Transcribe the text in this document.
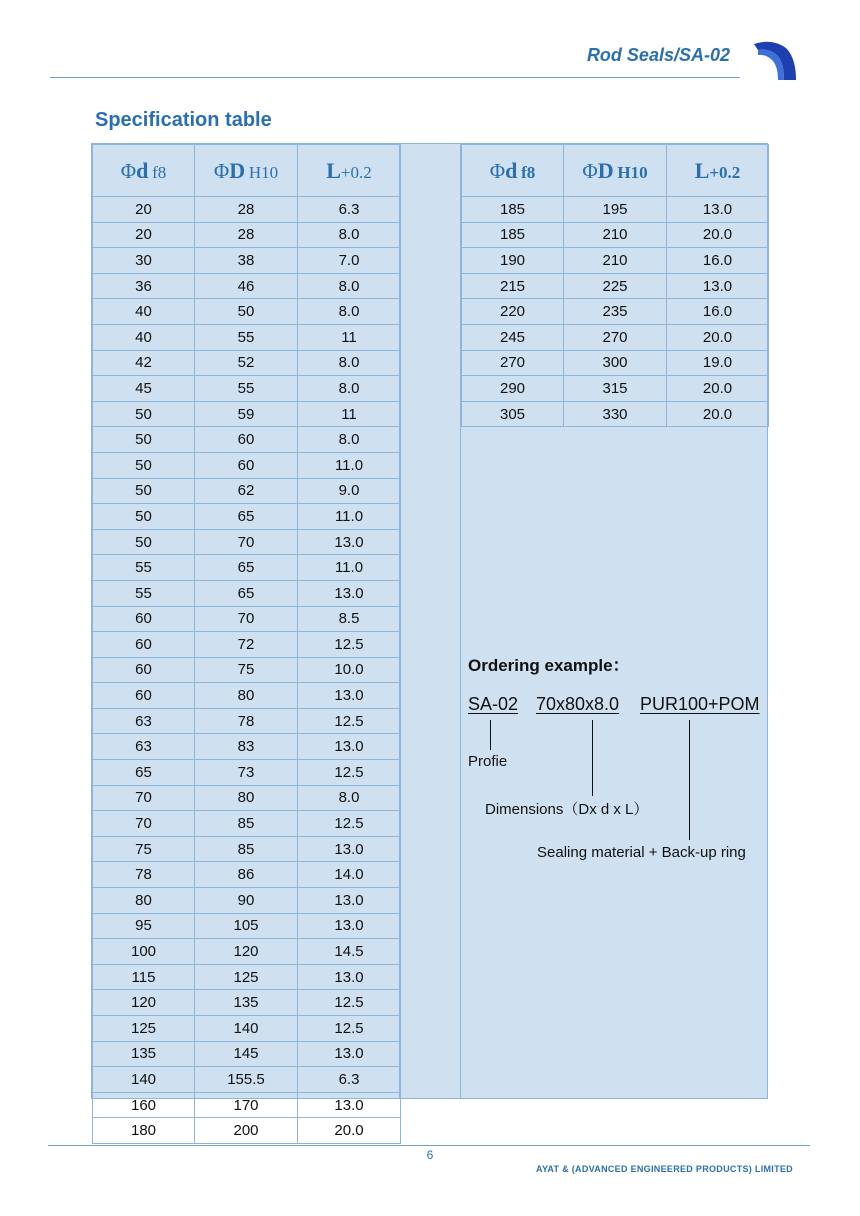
Rod Seals/SA-02
Specification table
Φd f8	ΦD H10	L+0.2
20	28	6.3
20	28	8.0
30	38	7.0
36	46	8.0
40	50	8.0
40	55	11
42	52	8.0
45	55	8.0
50	59	11
50	60	8.0
50	60	11.0
50	62	9.0
50	65	11.0
50	70	13.0
55	65	11.0
55	65	13.0
60	70	8.5
60	72	12.5
60	75	10.0
60	80	13.0
63	78	12.5
63	83	13.0
65	73	12.5
70	80	8.0
70	85	12.5
75	85	13.0
78	86	14.0
80	90	13.0
95	105	13.0
100	120	14.5
115	125	13.0
120	135	12.5
125	140	12.5
135	145	13.0
140	155.5	6.3
160	170	13.0
180	200	20.0
Φd f8	ΦD H10	L+0.2
185	195	13.0
185	210	20.0
190	210	16.0
215	225	13.0
220	235	16.0
245	270	20.0
270	300	19.0
290	315	20.0
305	330	20.0
Ordering example：
SA-02 70x80x8.0 PUR100+POM
Profie
Dimensions（Dx d x L）
Sealing material + Back-up ring
6
AYAT & (ADVANCED ENGINEERED PRODUCTS) LIMITED
